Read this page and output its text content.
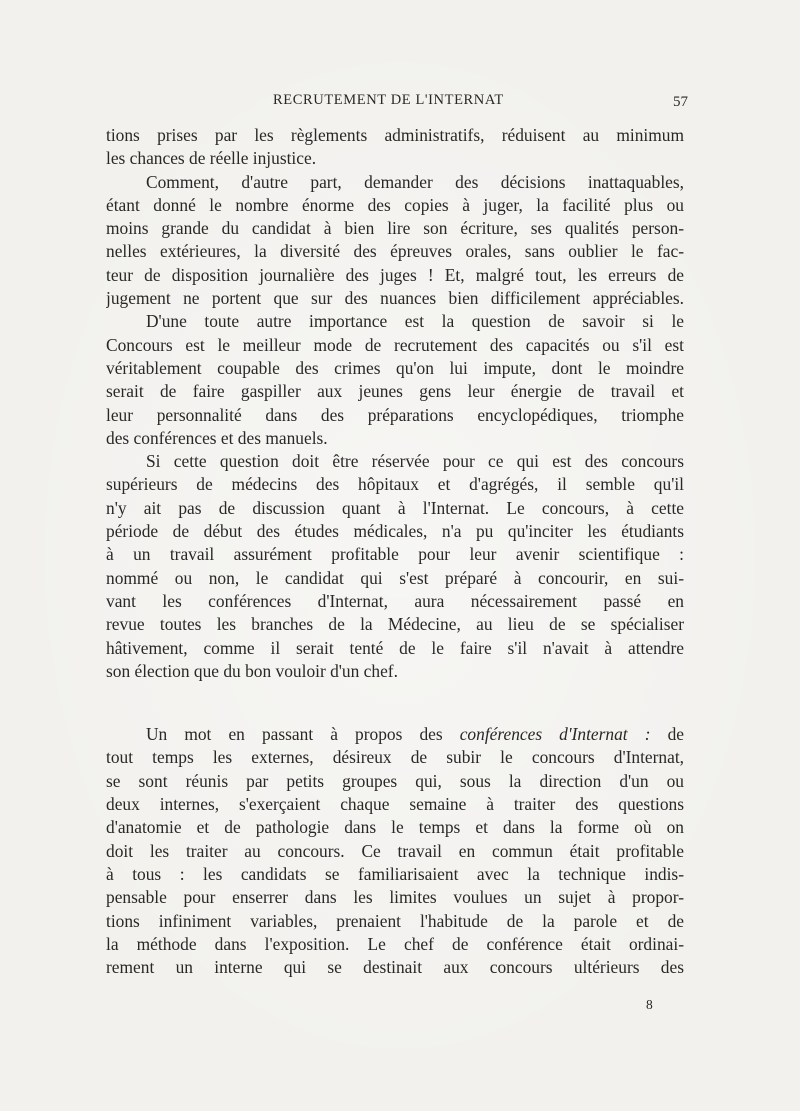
RECRUTEMENT DE L'INTERNAT	57
tions prises par les règlements administratifs, réduisent au minimum
les chances de réelle injustice.
Comment, d'autre part, demander des décisions inattaquables,
étant donné le nombre énorme des copies à juger, la facilité plus ou
moins grande du candidat à bien lire son écriture, ses qualités person-
nelles extérieures, la diversité des épreuves orales, sans oublier le fac-
teur de disposition journalière des juges ! Et, malgré tout, les erreurs de
jugement ne portent que sur des nuances bien difficilement appréciables.
D'une toute autre importance est la question de savoir si le
Concours est le meilleur mode de recrutement des capacités ou s'il est
véritablement coupable des crimes qu'on lui impute, dont le moindre
serait de faire gaspiller aux jeunes gens leur énergie de travail et
leur personnalité dans des préparations encyclopédiques, triomphe
des conférences et des manuels.
Si cette question doit être réservée pour ce qui est des concours
supérieurs de médecins des hôpitaux et d'agrégés, il semble qu'il
n'y ait pas de discussion quant à l'Internat. Le concours, à cette
période de début des études médicales, n'a pu qu'inciter les étudiants
à un travail assurément profitable pour leur avenir scientifique :
nommé ou non, le candidat qui s'est préparé à concourir, en sui-
vant les conférences d'Internat, aura nécessairement passé en
revue toutes les branches de la Médecine, au lieu de se spécialiser
hâtivement, comme il serait tenté de le faire s'il n'avait à attendre
son élection que du bon vouloir d'un chef.
Un mot en passant à propos des conférences d'Internat : de
tout temps les externes, désireux de subir le concours d'Internat,
se sont réunis par petits groupes qui, sous la direction d'un ou
deux internes, s'exerçaient chaque semaine à traiter des questions
d'anatomie et de pathologie dans le temps et dans la forme où on
doit les traiter au concours. Ce travail en commun était profitable
à tous : les candidats se familiarisaient avec la technique indis-
pensable pour enserrer dans les limites voulues un sujet à propor-
tions infiniment variables, prenaient l'habitude de la parole et de
la méthode dans l'exposition. Le chef de conférence était ordinai-
rement un interne qui se destinait aux concours ultérieurs des
8
